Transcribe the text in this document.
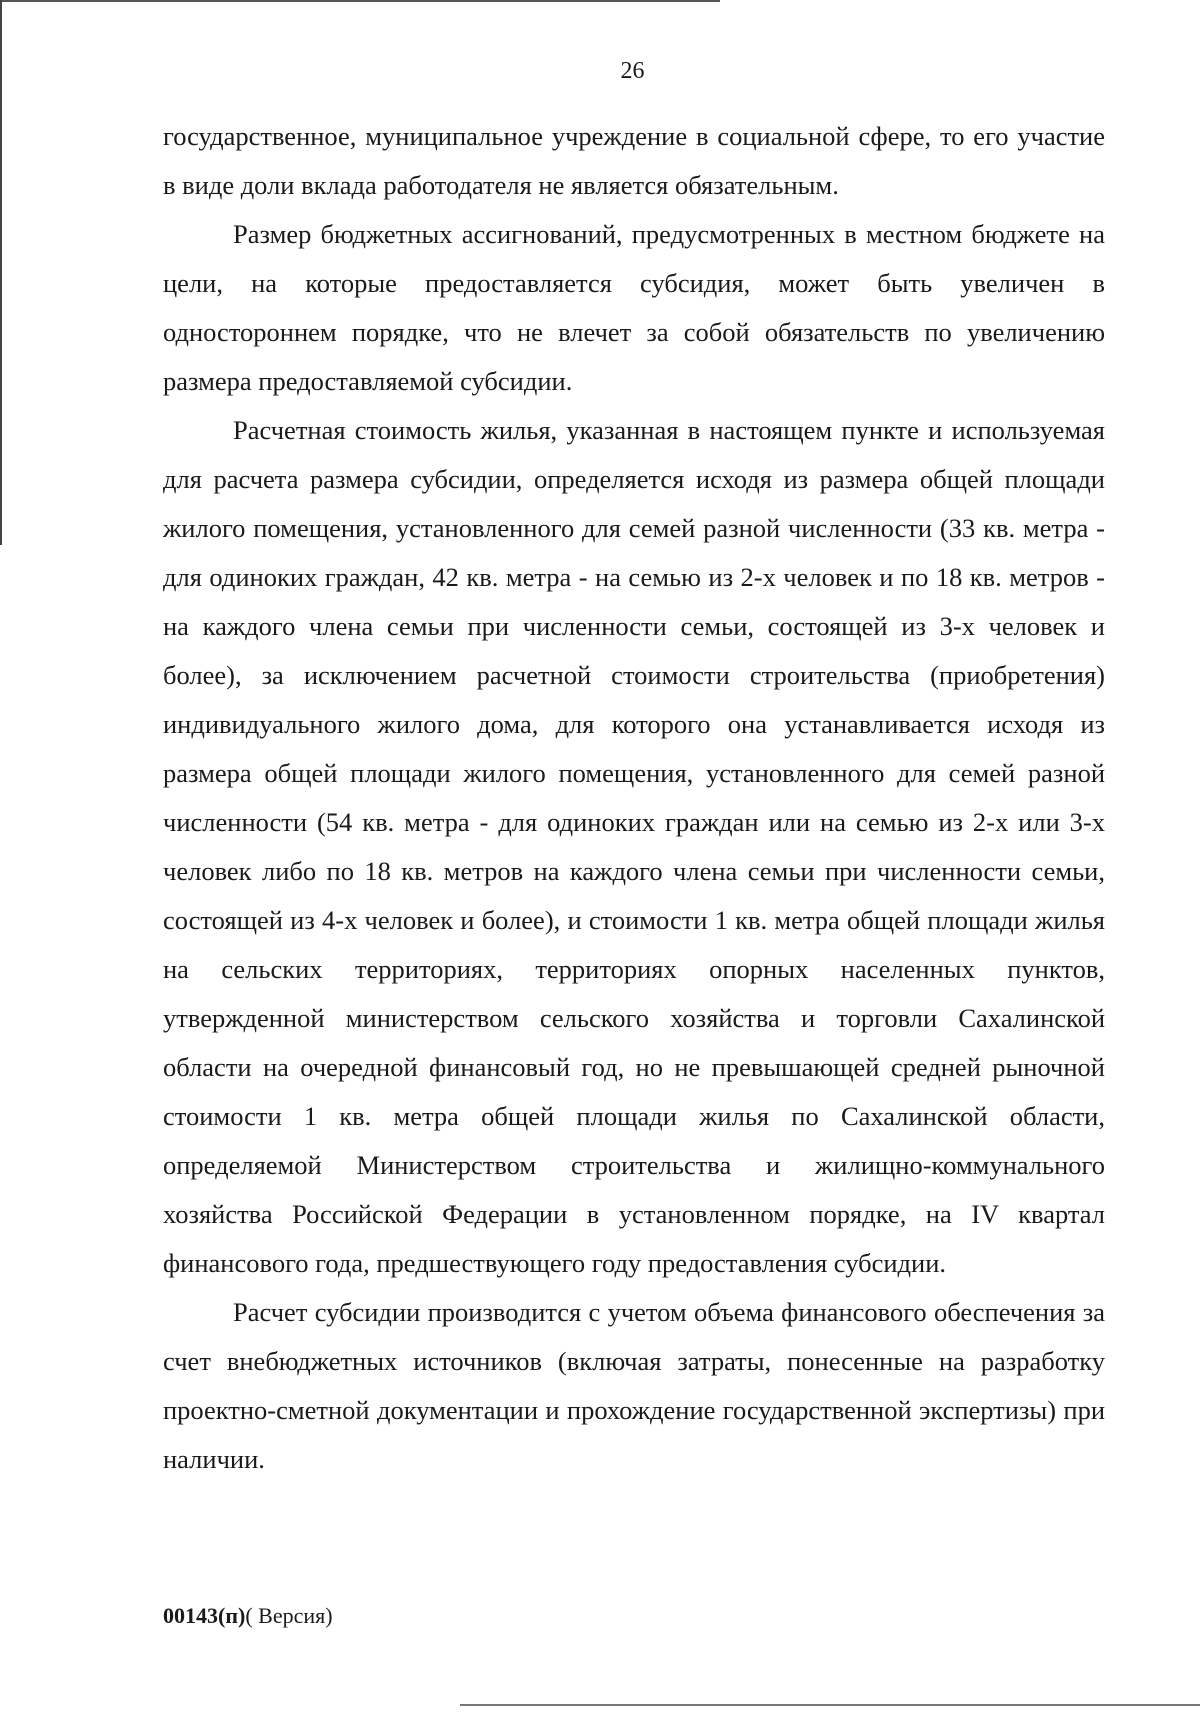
26

государственное, муниципальное учреждение в социальной сфере, то его участие в виде доли вклада работодателя не является обязательным.

Размер бюджетных ассигнований, предусмотренных в местном бюджете на цели, на которые предоставляется субсидия, может быть увеличен в одностороннем порядке, что не влечет за собой обязательств по увеличению размера предоставляемой субсидии.

Расчетная стоимость жилья, указанная в настоящем пункте и используемая для расчета размера субсидии, определяется исходя из размера общей площади жилого помещения, установленного для семей разной численности (33 кв. метра - для одиноких граждан, 42 кв. метра - на семью из 2-х человек и по 18 кв. метров - на каждого члена семьи при численности семьи, состоящей из 3-х человек и более), за исключением расчетной стоимости строительства (приобретения) индивидуального жилого дома, для которого она устанавливается исходя из размера общей площади жилого помещения, установленного для семей разной численности (54 кв. метра - для одиноких граждан или на семью из 2-х или 3-х человек либо по 18 кв. метров на каждого члена семьи при численности семьи, состоящей из 4-х человек и более), и стоимости 1 кв. метра общей площади жилья на сельских территориях, территориях опорных населенных пунктов, утвержденной министерством сельского хозяйства и торговли Сахалинской области на очередной финансовый год, но не превышающей средней рыночной стоимости 1 кв. метра общей площади жилья по Сахалинской области, определяемой Министерством строительства и жилищно-коммунального хозяйства Российской Федерации в установленном порядке, на IV квартал финансового года, предшествующего году предоставления субсидии.

Расчет субсидии производится с учетом объема финансового обеспечения за счет внебюджетных источников (включая затраты, понесенные на разработку проектно-сметной документации и прохождение государственной экспертизы) при наличии.

00143(п)( Версия)
